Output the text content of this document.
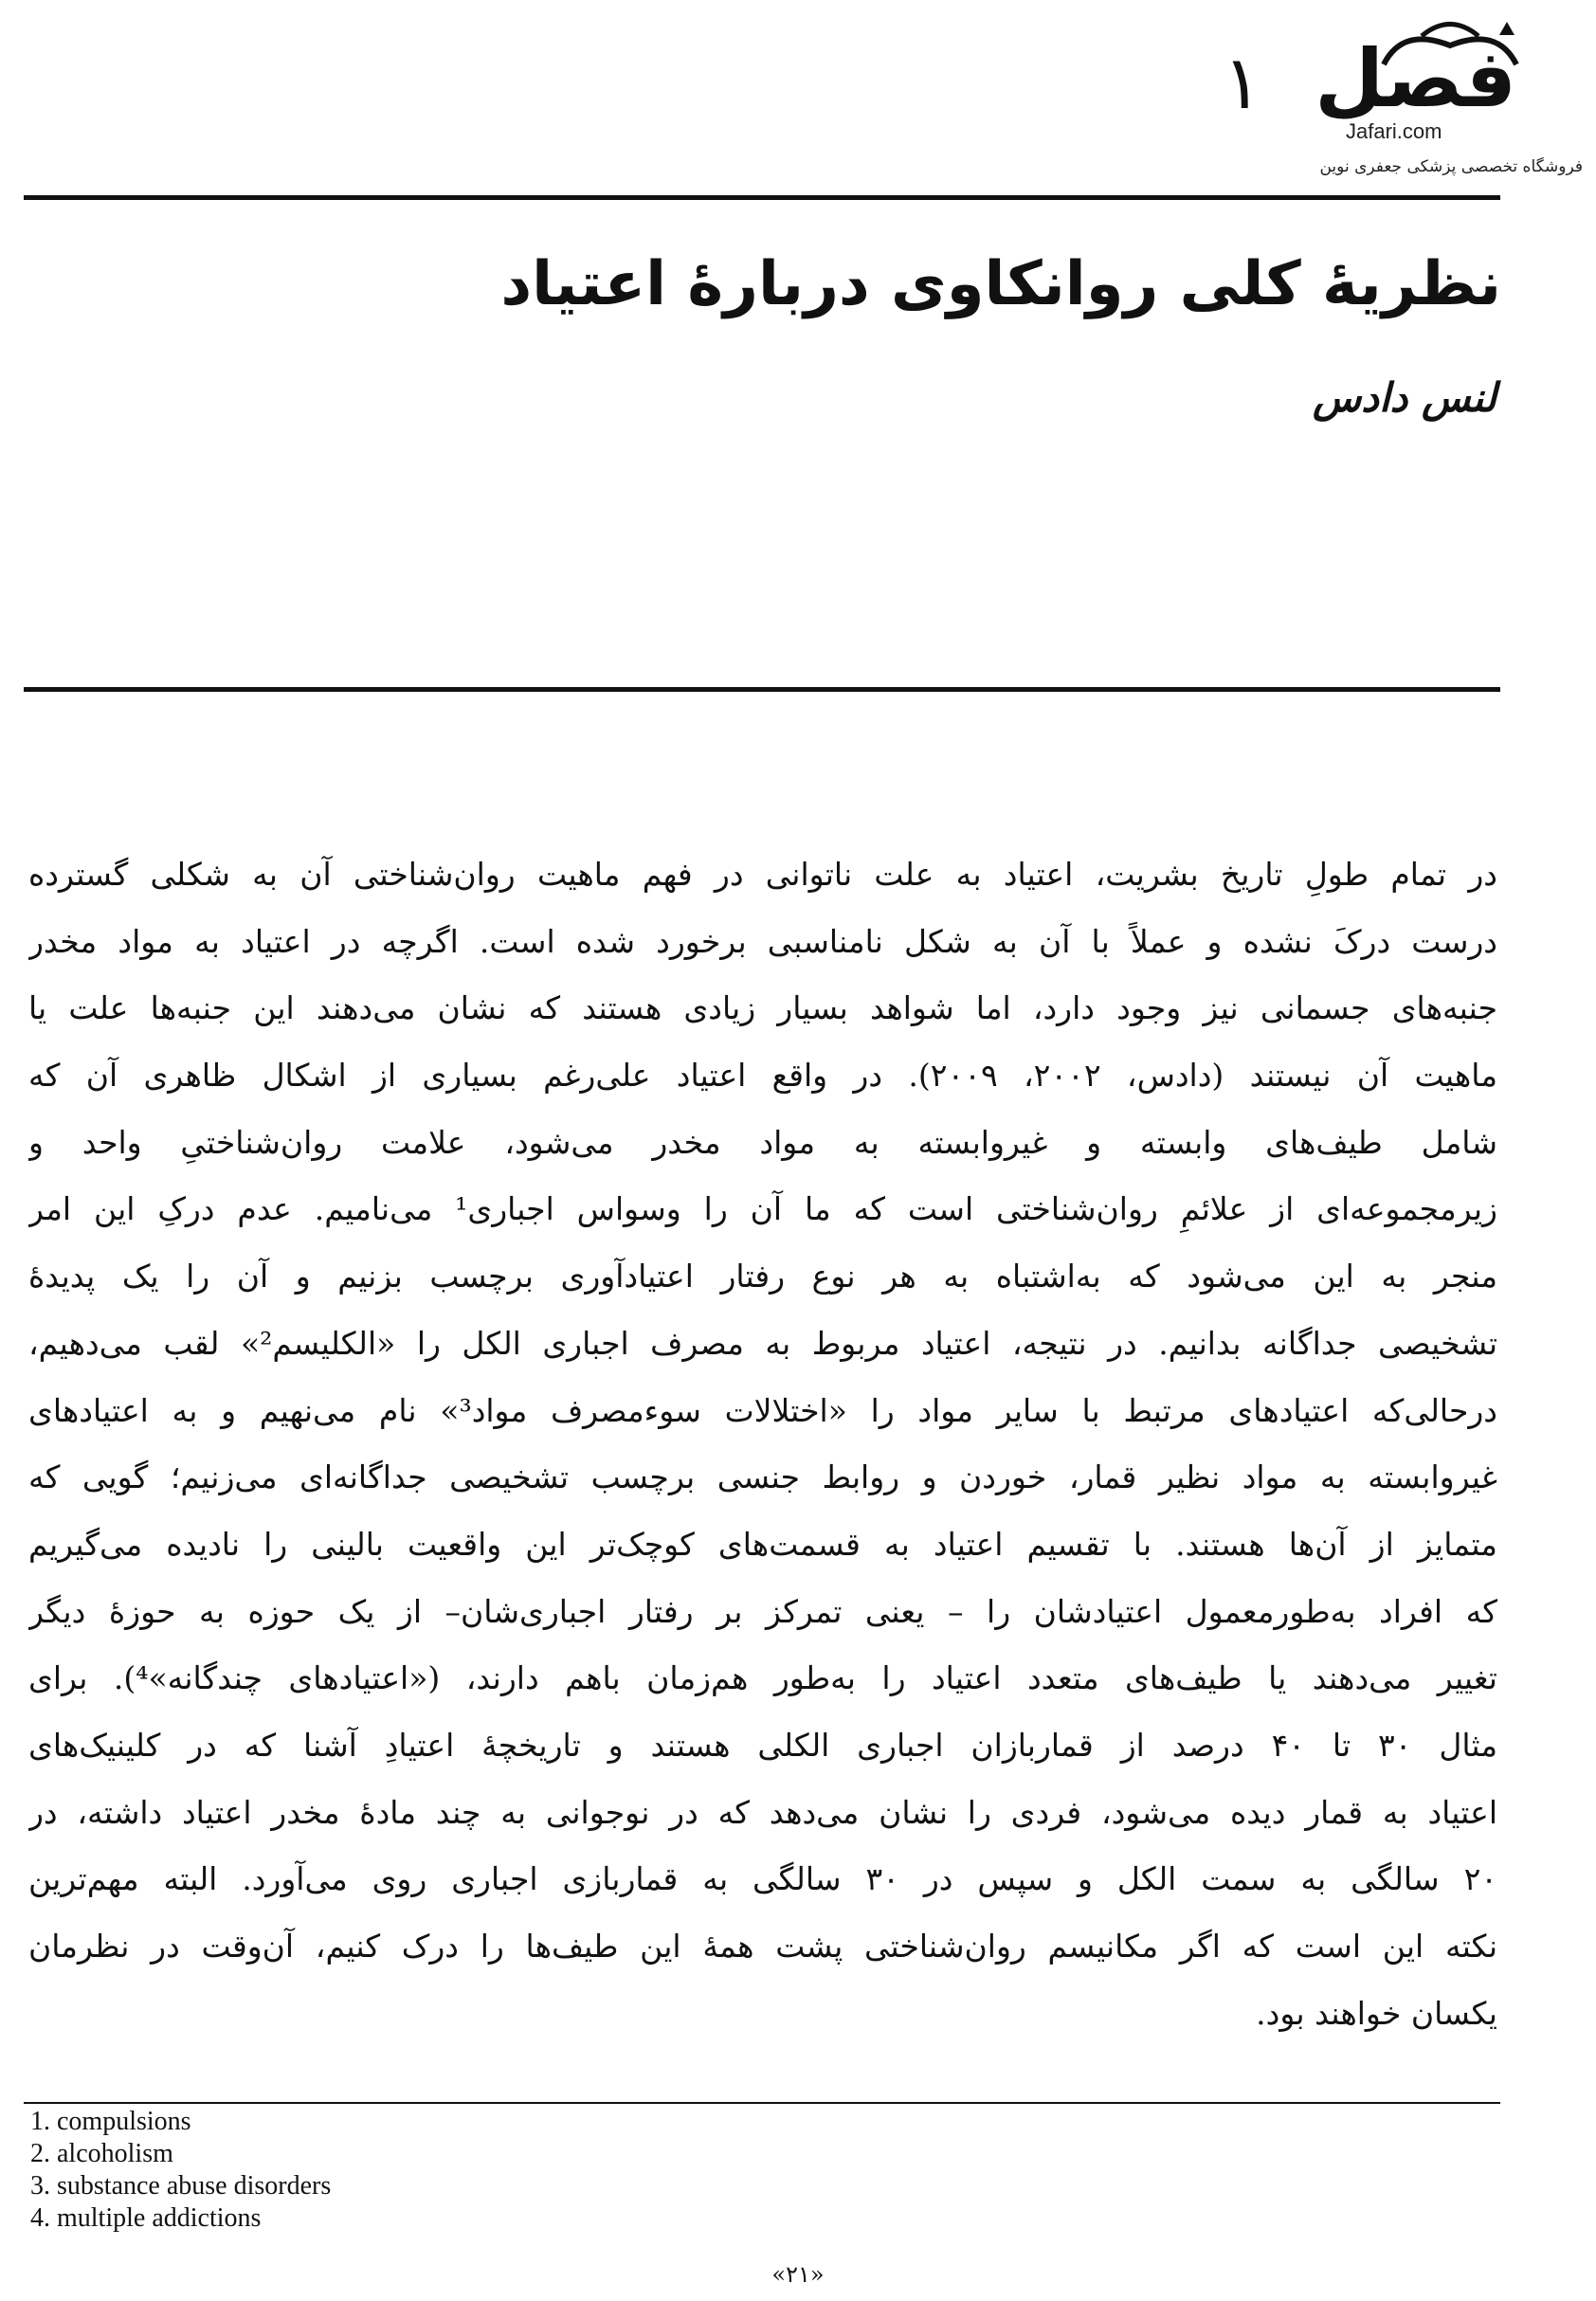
۱ فصل
Jafari.com
فروشگاه تخصصی پزشکی جعفری نوین
نظریۀ کلی روانکاوی دربارۀ اعتیاد
لنس دادس
در تمام طولِ تاریخ بشریت، اعتیاد به علت ناتوانی در فهم ماهیت روان‌شناختی آن به شکلی گسترده
درست درکَ نشده و عملاً با آن به شکل نامناسبی برخورد شده است. اگرچه در اعتیاد به مواد مخدر
جنبه‌های جسمانی نیز وجود دارد، اما شواهد بسیار زیادی هستند که نشان می‌دهند این جنبه‌ها علت یا
ماهیت آن نیستند (دادس، ۲۰۰۲، ۲۰۰۹). در واقع اعتیاد علی‌رغم بسیاری از اشکال ظاهری آن که
شامل طیف‌های وابسته و غیروابسته به مواد مخدر می‌شود، علامت روان‌شناختیِ واحد و
زیرمجموعه‌ای از علائمِ روان‌شناختی است که ما آن را وسواس اجباری¹ می‌نامیم. عدم درکِ این امر
منجر به این می‌شود که به‌اشتباه به هر نوع رفتار اعتیادآوری برچسب بزنیم و آن را یک پدیدۀ
تشخیصی جداگانه بدانیم. در نتیجه، اعتیاد مربوط به مصرف اجباری الکل را «الکلیسم²» لقب می‌دهیم،
درحالی‌که اعتیادهای مرتبط با سایر مواد را «اختلالات سوءمصرف مواد³» نام می‌نهیم و به اعتیادهای
غیروابسته به مواد نظیر قمار، خوردن و روابط جنسی برچسب تشخیصی جداگانه‌ای می‌زنیم؛ گویی که
متمایز از آن‌ها هستند. با تقسیم اعتیاد به قسمت‌های کوچک‌تر این واقعیت بالینی را نادیده می‌گیریم
که افراد به‌طورمعمول اعتیادشان را – یعنی تمرکز بر رفتار اجباری‌شان– از یک حوزه به حوزۀ دیگر
تغییر می‌دهند یا طیف‌های متعدد اعتیاد را به‌طور هم‌زمان باهم دارند، («اعتیادهای چندگانه»⁴). برای
مثال ۳۰ تا ۴۰ درصد از قماربازان اجباری الکلی هستند و تاریخچۀ اعتیادِ آشنا که در کلینیک‌های
اعتیاد به قمار دیده می‌شود، فردی را نشان می‌دهد که در نوجوانی به چند مادۀ مخدر اعتیاد داشته، در
۲۰ سالگی به سمت الکل و سپس در ۳۰ سالگی به قماربازی اجباری روی می‌آورد. البته مهم‌ترین
نکته این است که اگر مکانیسم روان‌شناختی پشت همۀ این طیف‌ها را درک کنیم، آن‌وقت در نظرمان
یکسان خواهند بود.
1. compulsions
2. alcoholism
3. substance abuse disorders
4. multiple addictions
«۲۱»
